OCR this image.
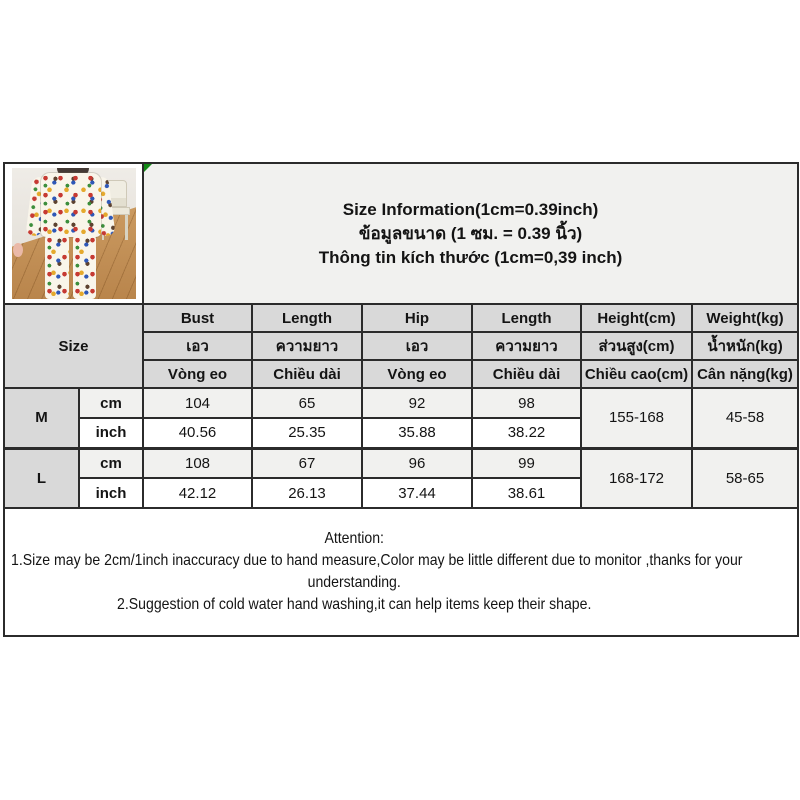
		Size Information(1cm=0.39inch)
ข้อมูลขนาด (1 ซม. = 0.39 นิ้ว)
Thông tin kích thước (1cm=0,39 inch)					

Size		Bust	Length	Hip	Length	Height(cm)	Weight(kg)
		เอว	ความยาว	เอว	ความยาว	ส่วนสูง(cm)	น้ำหนัก(kg)
		Vòng eo	Chiều dài	Vòng eo	Chiều dài	Chiều cao(cm)	Cân nặng(kg)
M	cm	104	65	92	98	155-168	45-58
	inch	40.56	25.35	35.88	38.22		
L	cm	108	67	96	99	168-172	58-65
	inch	42.12	26.13	37.44	38.61		

Attention:
1.Size may be 2cm/1inch inaccuracy due to hand measure,Color may be little different due to monitor ,thanks for your
understanding.
2.Suggestion of cold water hand washing,it can help items keep their shape.							
